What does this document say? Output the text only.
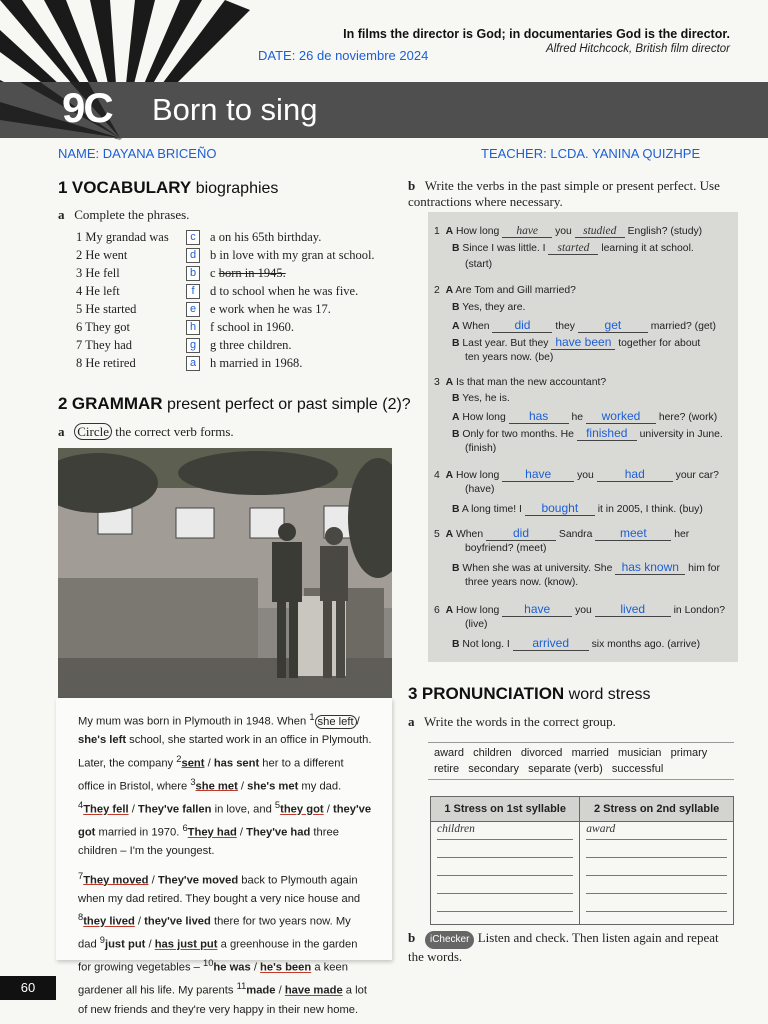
In films the director is God; in documentaries God is the director.
Alfred Hitchcock, British film director
DATE: 26 de noviembre 2024
9C Born to sing
NAME: DAYANA BRICEÑO	TEACHER: LCDA. YANINA QUIZHPE
1 VOCABULARY biographies
a Complete the phrases.
1 My grandad was	c	a on his 65th birthday.
2 He went	d	b in love with my gran at school.
3 He fell	b	c born in 1945.
4 He left	f	d to school when he was five.
5 He started	e	e work when he was 17.
6 They got	h	f school in 1960.
7 They had	g	g three children.
8 He retired	a	h married in 1968.
2 GRAMMAR present perfect or past simple (2)?
a Circle the correct verb forms.

My mum was born in Plymouth in 1948. When $^1$ she left / she's left school, she started work in an office in Plymouth. Later, the company $^2$sent / has sent her to a different office in Bristol, where $^3$she met / she's met my dad. $^4$They fell / They've fallen in love, and $^5$they got / they've got married in 1970. $^6$They had / They've had three children – I'm the youngest.

$^7$They moved / They've moved back to Plymouth again when my dad retired. They bought a very nice house and $^8$they lived / they've lived there for two years now. My dad $^9$just put / has just put a greenhouse in the garden for growing vegetables – $^{10}$he was / he's been a keen gardener all his life. My parents $^{11}$made / have made a lot of new friends and they're very happy in their new home.

b Write the verbs in the past simple or present perfect. Use contractions where necessary.
1 A How long have you studied English? (study)
B Since I was little. I started learning it at school.
(start)
2 A Are Tom and Gill married?
B Yes, they are.
A When did they get	married? (get)
B Last year. But they have been together for about
ten years now. (be)
3 A Is that man the new accountant?
B Yes, he is.
A How long has he worked here? (work)
B Only for two months. He finished university in June.
(finish)
4 A How long have you	had	your car?
(have)
B A long time! I bought it in 2005, I think. (buy)
5 A When did	Sandra meet	her
boyfriend? (meet)
B When she was at university. She has known him for
three years now. (know).
6 A How long have you lived	in London?
(live)
B Not long. I arrived six months ago. (arrive)
3 PRONUNCIATION word stress
a Write the words in the correct group.
award   children   divorced   married   musician   primary
retire   secondary   separate (verb)   successful
1 Stress on 1st syllable	2 Stress on 2nd syllable

children	award

b iChecker Listen and check. Then listen again and repeat the words.
60
